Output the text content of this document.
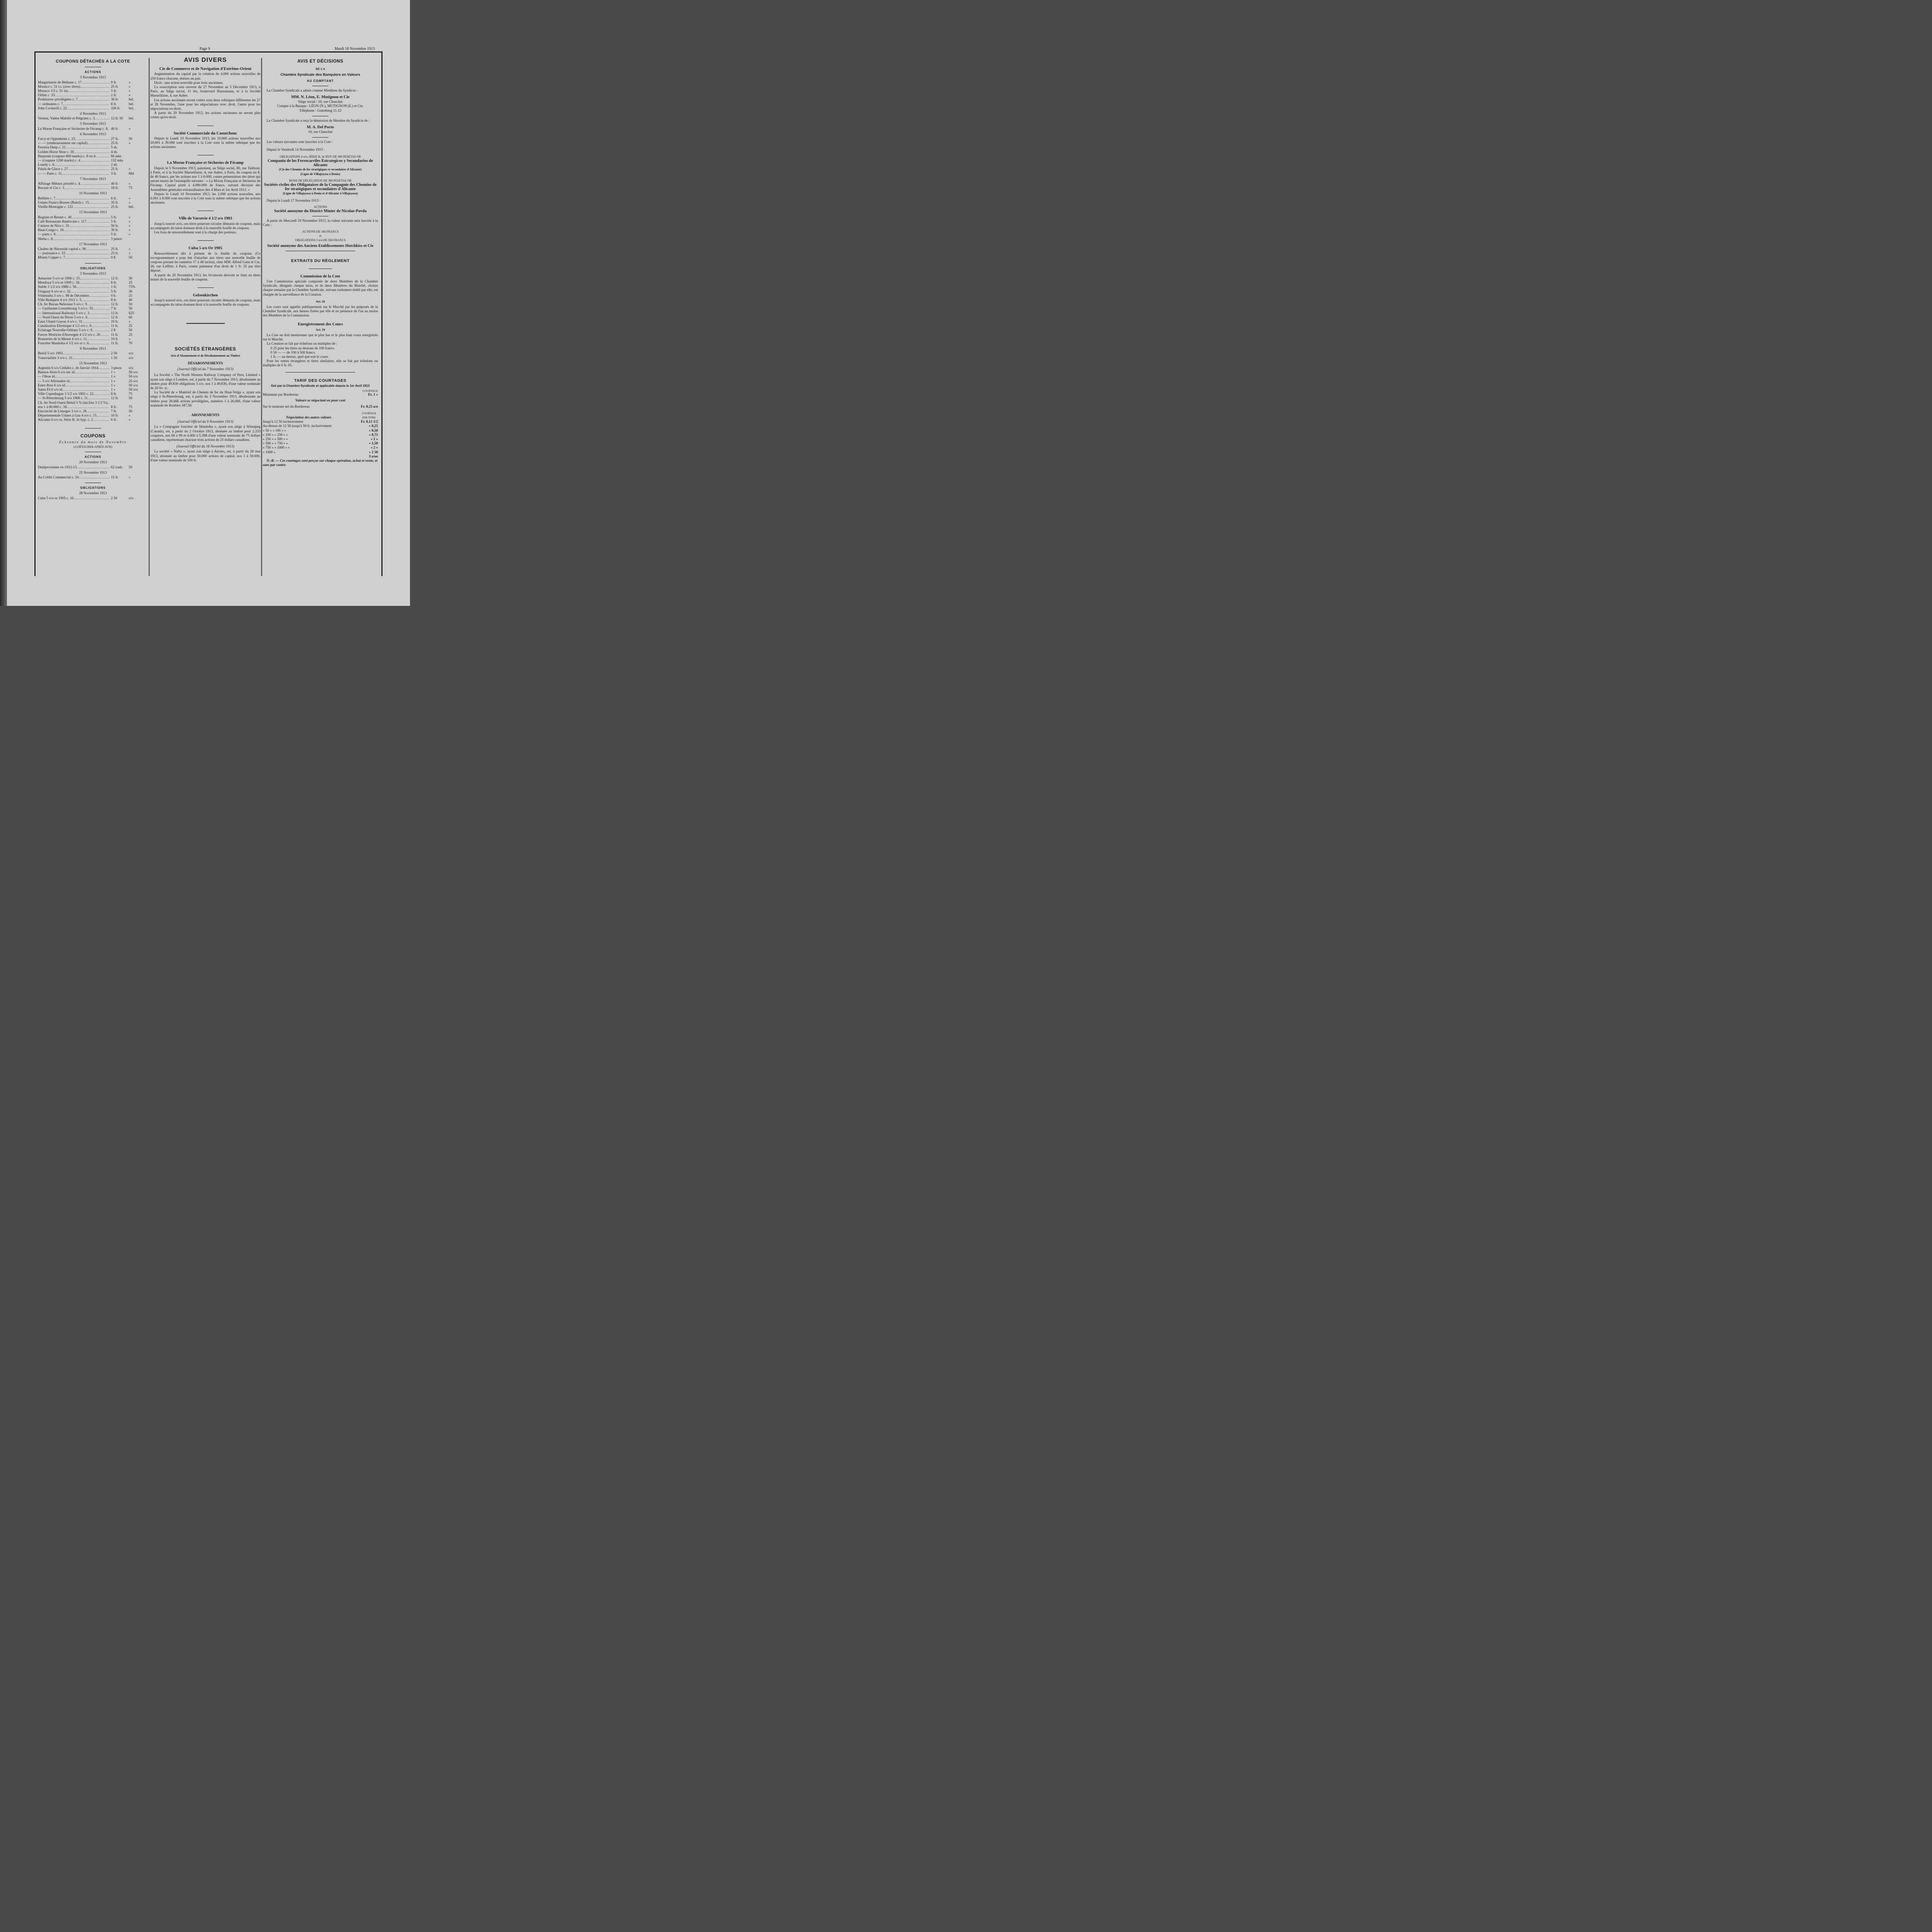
Page 9	Mardi 18 Novembre 1913
COUPONS DÉTACHÉS A LA COTE
ACTIONS
3 Novembre 1913
Margarinerie de Béthune c. 17 .....	9 fr.	»
Monaco c. 51 i.t. (avec titres) .....	25 fr.	»
Monaco 1/5 c. 51 int. .....	5 fr.	»
Olibet c. 33 .....	2 fr.	»
Prokhorow privilégiées c. 7 .....	30 fr.	bel.
— ordinaires c. 7 .....	8 fr.	bel.
John Cockerill c. 22 .....	100 fr. bel.
4 Novembre 1913
Vermot, Valère Mabille et Pelgrims c. 3 .....	12 fr. 50 bel.
5 Novembre 1913
La Morue Française et Sècheries de Fécamp c. 8 ..... 40 fr.	»
6 Novembre 1913
Farcy et Oppenheim c. 23 .....	27 fr.	50
— — (remboursement sur capital) .....	25 fr.	»
Ferreira Deep c. 21 .....	5 sh.
Golden Horse Shoe c. 30 .....	4 sh.
Harpener (coupure 600 marks) c. 8 ou 4 .....	66 mks
— (coupure 1200 marks) c. 4 .....	132 mks
Lonely c. 6 .....	2 sh.
Palais de Glace c. 27 .....	25 fr.	»
— — Parts c. 11 .....	3 fr.	684
7 Novembre 1913
Affinage Métaux priorité c. 4 .....	40 fr.	»
Bocuze et Cie c. 3 .....	18 fr.	75
10 Novembre 1913
Bellière c. 7 .....	6 fr.	»
Usines Franco-Russes (Baird) c. 15 .....	35 fr.	»
Vieille-Montagne c. 122 .....	25 fr.	bel.
15 Novembre 1913
Bognier et Burnet c. 40 .....	5 fr.	»
Café Restaurant Américain c. 117 .....	5 fr.	»
Casinos de Nice c. 10 .....	50 fr.	»
Haut-Congo c. 10 .....	30 fr.	»
— parts c. 8 .....	5 fr.	»
Sheba c. 8 .....	3 pence
17 Novembre 1913
Chalets de Nécessité capital c. 90 .....	25 fr.	»
— jouissance c. 53 .....	25 fr.	»
Miami Copper c. 7 .....	0 $	50
OBLIGATIONS
3 Novembre 1913
Amazone 5 o/o or 1906 c. 15 .....	12 fr.	50
Mendoza 5 o/o or 1909 c. 16 .....	6 fr.	25
Suède 3 1/2 o/o 1886 c. 56 .....	1 fr.	75%
Uruguay 6 o/o or c. 32 .....	5 fr.	36
Vénézuéla 3 o/o c. 98 de Décembre .....	0 b.	25
Ville Budapest 4 o/o 1911 c. 5 .....	8 fr.	40
Ch. fer Buzau-Nehoiasu 5 o/o c. 9 .....	12 fr.	50
— Guillaume Luxembourg 3 o/o c. 55 .....	7 fr.	50
— International Railways 5 o/o c. 3 .....	12 fr.	625
— Nord-Ouest du Pérou 5 o/o c. 6 .....	12 fr.	60
Eaux Chatel Guyon 4 o/o c. 31 .....	10 fr.	»
Canalisation Electrique 4 1/2 o/o c. 9 .....	11 fr.	25
Eclairage Nouvelle-Orléans 5 o/o c. 9 .....	2 $	50
Forces Motrices d'Auvergne 4 1/2 o/o c. 20 .....	11 fr.	25
Brasseries de la Meuse 4 o/o c. 11 .....	10 fr.	»
Foncière Manitoba 4 1/2 o/o or c. 6 .....	11 fr.	70
6 Novembre 1913
Brésil 5 o/o 1903 .....	2 50	o/o
Transvaalien 3 o/o c. 21 .....	1 50	o/o
15 Novembre 1913
Argentin 6 o/o Cédules c. de Janvier 1914 .....	3 pesos o/o
Buenos Aires 6 o/o int. id. .....	1 »	50 o/o
— Obras id. .....	1 »	50 o/o
— 5 o/o Afirmados id. .....	1 »	25 o/o
Entre Rios 6 o/o id. .....	1 »	50 o/o
Santa Fé 6 o/o id. .....	1 »	50 o/o
Ville Copenhague 3 1/2 o/o 1902 c. 22 .....	8 fr.	75
— St-Pétersbourg 5 o/o 1908 c. 11 .....	12 fr.	50
Ch. fer Nord-Ouest Brésil 5 % (int.fixe 3 1/2 %)
.....
nos 1 à 80.000 c. 18 .....	8 fr.	75
Electricité de Limoges 3 o/o c. 28 .....	7 fr.	50
Départementale Usines à Gaz 4 o/o c. 15 .....	10 fr.	»
Alicante 4 o/o or, Série B, 2e hyp. c. 2 .....	6 fr.	»
COUPONS
Echeance du mois de Novembre
(A DÉTACHER APRÈS AVIS)
ACTIONS
20 Novembre 1913
Dniéprovienne ex-1912-13 .....	62 roub. 50
25 Novembre 1913
Au Crédit Commercial c. 10 .....	15 fr.	»
OBLIGATIONS
28 Novembre 1913
Cuba 5 o/o or 1905 c. 16 .....	2 50	o/o
AVIS DIVERS
Cie de Commerce et de Navigation d'Extrême-Orient

Augmentation du capital par la création de 4.000 actions nouvelles de 250 francs chacune, émises au pair.

Droit : une action nouvelle pour trois anciennes.

La souscription sera ouverte du 27 Novembre au 5 Décembre 1913, à Paris, au Siège social, 11 bis, boulevard Haussmann, et à la Société Marseillaise, 4, rue Auber.

Les actions anciennes seront cotées sous deux rubriques différentes les 27 et 28 Novembre, l'une pour les négociations avec droit, l'autre pour les négociations ex-droit.

A partir du 29 Novembre 1913, les actions anciennes ne seront plus cotées qu'ex-droit.

Société Commerciale du Caoutchouc

Depuis le Lundi 10 Novembre 1913, les 10.000 actions nouvelles nos 20.001 à 30.000 sont inscrites à la Cote sous la même rubrique que les actions anciennes.

La Morue Française et Sècheries de Fécamp

Depuis le 5 Novembre 1913, paiement, au Siège social, 80, rue Taitbout, à Paris, et à la Société Marseillaise, 4, rue Auber, à Paris, du coupon no 8, de 40 francs, par les actions nos 1 à 6.000, contre présentation des titres qui seront munis de l'estampille suivante : « La Morue Française et Sècheries de Fécamp. Capital porté à 4.000.000 de francs, suivant décision des Assemblées générales extraordinaires des 4 Mars et 1er Avril 1913. »

Depuis le Lundi 10 Novembre 1913, les 2.000 actions nouvelles, nos 6.001 à 8.000 sont inscrites à la Cote sous la même rubrique que les actions anciennes.

Ville de Varsovie 4 1/2 o/o 1903

Jusqu'à nouvel avis, ces titres pourront circuler démunis de coupons, mais accompagnés du talon donnant droit à la nouvelle feuille de coupons.

Les frais de renouvellement sont à la charge des porteurs.

Cuba 5 o/o Or 1905

Renouvellement dès à présent de la feuille de coupons (Ce recouponnement a pour but d'attacher aux titres une nouvelle feuille de coupons portant les numéros 17 à 48 inclus), chez MM. Alfred Gans et Cie, 26, rue Laffitte, à Paris, contre paiement d'un droit de 1 fr. 25 par titre déposé.

A partir du 20 Novembre 1913, les livraisons devront se faire en titres munis de la nouvelle feuille de coupons.

Gelsenkirchen

Jusqu'à nouvel avis, ces titres pourront circuler démunis de coupons, mais accompagnés du talon donnant droit à la nouvelle feuille de coupons.

SOCIÉTÉS ÉTRANGÈRES
Avis d'Abonnement et de Désabonnement au Timbre
DÉSABONNEMENTS
(Journal Officiel du 7 Novembre 1913)

La Société « The North Western Railway Company of Peru, Limited » ayant son siège à Londres, est, à partir du 7 Novembre 1913, désabonnée au timbre pour 49.830 obligations 5 o/o, nos 1 à 49.830, d'une valeur nominale de 20 liv. st.

La Société de « Matériel de Chemin de fer du Haut-Volga », ayant son siège à St-Pétersbourg, est, à partir du 3 Novembre 1913, désabonnée au timbre pour 26.666 actions privilégiées, numéros 1 à 26.666, d'une valeur nominale de Roubles 187,50.

ABONNEMENTS
(Journal Officiel du 9 Novembre 1913)

La « Compagnie foncière de Manitoba », ayant son siège à Winnipeg (Canada), est, à partir du 2 Octobre 1913, abonnée au timbre pour 2.333 coupures, nos 66 à 99 et 4.000 à 5.398 d'une valeur nominale de 75 dollars canadiens, représentant chacune trois actions de 25 dollars canadiens.

(Journal Officiel du 18 Novembre 1913)

La société « Nafta », ayant son siège à Anvers, est, à partir du 28 mai 1913, abonnée au timbre pour 50.000 actions de capital, nos 1 à 50.000, d'une valeur nominale de 100 fr.

AVIS ET DÉCISIONS
DE LA
Chambre Syndicale des Banquiers en Valeurs
AU COMPTANT

La Chambre Syndicale a admis comme Membres du Syndicat :

MM. N. Léon, E. Mutignon et Cie
Siège social : 10, rue Chauchat
Compte à la Banque : LÉON (N.), MUTIGNON (E.) et Cie.
Téléphone : Gutenberg 11-22

La Chambre Syndicale a reçu la démission de Membre du Syndicat de :

M. A. Del Porto
10, rue Chauchat

Les valeurs suivantes sont inscrites à la Cote :

Depuis le Vendredi 14 Novembre 1913 :

OBLIGATIONS 4 o/o, SÉRIE B, 2e HYP. DE 300 PESETAS OR
Compania de los Ferrocarriles Estrategicos y Secundarios de Alicante
(Cie des Chemins de fer stratégiques et secondaires d'Alicante)
(Ligne de Villajoyosa à Denia)
BONS DE DÉLÉGATION DE 300 PESETAS OR
Sociétés civiles des Obligataires de la Compagnie des Chemins de fer stratégiques et secondaires d'Alicante
(Ligne de Villajoyosa à Denia et d'Alicante à Villajoyosa)

Depuis le Lundi 17 Novembre 1913 :

ACTIONS
Société anonyme du District Minier de Nicolae-Pavda

A partir du Mercredi 19 Novembre 1913, la valeur suivante sera inscrite à la Cote :

ACTIONS DE 100 FRANCS
et
OBLIGATIONS 5 o/o DE 500 FRANCS
Société anonyme des Anciens Etablissements Hotchkiss et Cie
EXTRAITS DU RÈGLEMENT
Commission de la Cote

Une Commission spéciale composée de deux Membres de la Chambre Syndicale, désignés chaque mois, et de deux Membres du Marché, choisis chaque semaine par la Chambre Syndicale, suivant roulement établi par elle, est chargée de la surveillance de la Cotation.

Art. 16

Les cours sont appelés publiquement sur le Marché par les préposés de la Chambre Syndicale, aux heures fixées par elle et en présence de l'un au moins des Membres de la Commission.

Enregistrement des Cours
Art. 19

La Cote ne doit mentionner que le plus bas et le plus haut cours enregistrés sur le Marché.

La Cotation se fait par échelons ou multiples de :

0 25 pour les titres au dessous de 100 francs.
0 50 — — de 100 à 500 francs.
1 fr. — au-dessus, quel que soit le cours.

Pour les rentes étrangères et titres similaires, elle se fait par échelons ou multiples de 0 fr. 05.

TARIF DES COURTAGES
fixé par la Chambre Syndicale et applicable depuis le 1er Avril 1913
COURTAGE
Minimum par Bordereau	Fr. 1 »
Valeurs se négociant en pour cent
Sur le montant net du Bordereau	Fr. 0,25 o/o
Négociation des autres valeurs
COURTAGE PAR TITRE
Jusqu'à 12 50 inclusivement	Fr. 0,12 1/2
Au-dessus de 12 50 jusqu'à 50 fr. inclusivement	» 0,25
» 50 » » 100 » »	» 0,50
» 100 » » 250 » »	» 0,75
» 250 » » 500 » »	» 1 »
» 500 » » 750 » »	» 1,50
» 750 » » 1000 » »	» 2 »
» 1000 »	» 2 50
3 o/oo
N.-B. — Ces courtages sont perçus sur chaque opération, achat et vente, et sans par contre.
